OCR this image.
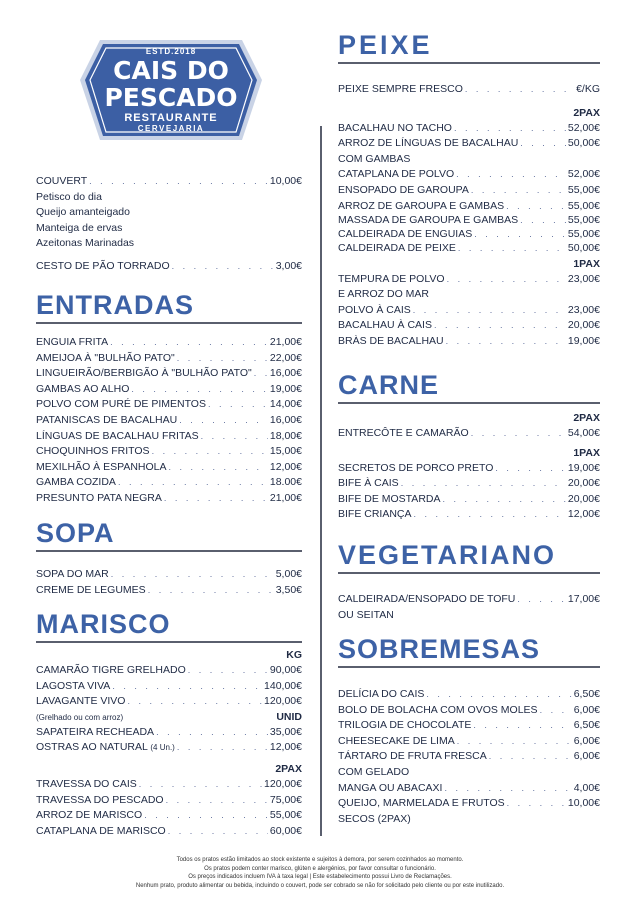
ESTD.2018
CAIS DO
PESCADO
RESTAURANTE
CERVEJARIA
COUVERT . . .	10,00€
Petisco do dia
Queijo amanteigado
Manteiga de ervas
Azeitonas Marinadas
CESTO DE PÃO TORRADO . . .	3,00€
ENTRADAS
ENGUIA FRITA . . .	21,00€
AMEIJOA À "BULHÃO PATO" . . .	22,00€
LINGUEIRÃO/BERBIGÃO À "BULHÃO PATO" . . . 16,00€
GAMBAS AO ALHO . . .	19,00€
POLVO COM PURÉ DE PIMENTOS . . .	14,00€
PATANISCAS DE BACALHAU . . .	16,00€
LÍNGUAS DE BACALHAU FRITAS . . .	18,00€
CHOQUINHOS FRITOS . . .	15,00€
MEXILHÃO À ESPANHOLA . . .	12,00€
GAMBA COZIDA . . .	18.00€
PRESUNTO PATA NEGRA . . .	21,00€
SOPA
SOPA DO MAR . . .	5,00€
CREME DE LEGUMES . . .	3,50€
MARISCO
KG
CAMARÃO TIGRE GRELHADO . . .	90,00€
LAGOSTA VIVA . . .	140,00€
LAVAGANTE VIVO . . .	120,00€
(Grelhado ou com arroz)	UNID
SAPATEIRA RECHEADA . . .	35,00€
OSTRAS AO NATURAL (4 Un.) . . .	12,00€
2PAX
TRAVESSA DO CAIS . . .	120,00€
TRAVESSA DO PESCADO . . .	75,00€
ARROZ DE MARISCO . . .	55,00€
CATAPLANA DE MARISCO . . .	60,00€
PEIXE
PEIXE SEMPRE FRESCO . . .	€/KG
2PAX
BACALHAU NO TACHO . . .	52,00€
ARROZ DE LÍNGUAS DE BACALHAU . . .	50,00€
COM GAMBAS
CATAPLANA DE POLVO . . .	52,00€
ENSOPADO DE GAROUPA . . .	55,00€
ARROZ DE GAROUPA E GAMBAS . . .	55,00€
MASSADA DE GAROUPA E GAMBAS . . .	55,00€
CALDEIRADA DE ENGUIAS . . .	55,00€
CALDEIRADA DE PEIXE . . .	50,00€
1PAX
TEMPURA DE POLVO . . .	23,00€
E ARROZ DO MAR
POLVO À CAIS . . .	23,00€
BACALHAU À CAIS . . .	20,00€
BRÀS DE BACALHAU . . .	19,00€
CARNE
2PAX
ENTRECÔTE E CAMARÃO . . .	54,00€
1PAX
SECRETOS DE PORCO PRETO . . .	19,00€
BIFE À CAIS . . .	20,00€
BIFE DE MOSTARDA . . .	20,00€
BIFE CRIANÇA . . .	12,00€
VEGETARIANO
CALDEIRADA/ENSOPADO DE TOFU . . .	17,00€
OU SEITAN
SOBREMESAS
DELÍCIA DO CAIS . . .	6,50€
BOLO DE BOLACHA COM OVOS MOLES . . .	6,00€
TRILOGIA DE CHOCOLATE . . .	6,50€
CHEESECAKE DE LIMA . . .	6,00€
TÁRTARO DE FRUTA FRESCA . . .	6,00€
COM GELADO
MANGA OU ABACAXI . . .	4,00€
QUEIJO, MARMELADA E FRUTOS . . .	10,00€
SECOS (2PAX)
Todos os pratos estão limitados ao stock existente e sujeitos à demora, por serem cozinhados ao momento.
Os pratos podem conter marisco, glúten e alergénios, por favor consultar o funcionário.
Os preços indicados incluem IVA à taxa legal | Este estabelecimento possui Livro de Reclamações.
Nenhum prato, produto alimentar ou bebida, incluindo o couvert, pode ser cobrado se não for solicitado pelo cliente ou por este inutilizado.
